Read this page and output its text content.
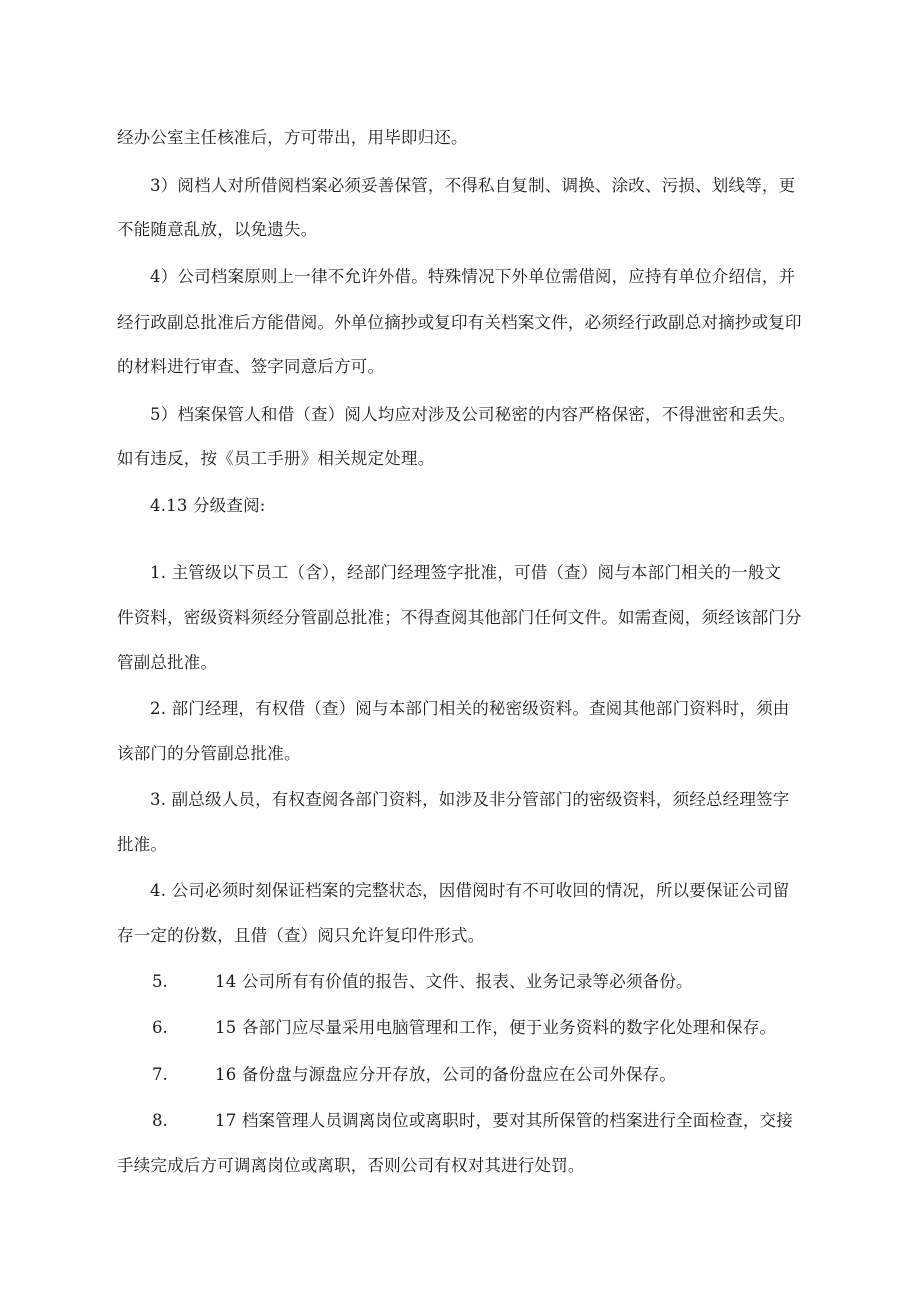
经办公室主任核准后，方可带出，用毕即归还。
3）阅档人对所借阅档案必须妥善保管，不得私自复制、调换、涂改、污损、划线等，更
不能随意乱放，以免遗失。
4）公司档案原则上一律不允许外借。特殊情况下外单位需借阅，应持有单位介绍信，并
经行政副总批准后方能借阅。外单位摘抄或复印有关档案文件，必须经行政副总对摘抄或复印
的材料进行审查、签字同意后方可。
5）档案保管人和借（查）阅人均应对涉及公司秘密的内容严格保密，不得泄密和丢失。
如有违反，按《员工手册》相关规定处理。
4.13 分级查阅:
1. 主管级以下员工（含），经部门经理签字批准，可借（查）阅与本部门相关的一般文
件资料，密级资料须经分管副总批准；不得查阅其他部门任何文件。如需查阅，须经该部门分
管副总批准。
2. 部门经理，有权借（查）阅与本部门相关的秘密级资料。查阅其他部门资料时，须由
该部门的分管副总批准。
3. 副总级人员，有权查阅各部门资料，如涉及非分管部门的密级资料，须经总经理签字
批准。
4. 公司必须时刻保证档案的完整状态，因借阅时有不可收回的情况，所以要保证公司留
存一定的份数，且借（查）阅只允许复印件形式。
5.	14 公司所有有价值的报告、文件、报表、业务记录等必须备份。
6.	15 各部门应尽量采用电脑管理和工作，便于业务资料的数字化处理和保存。
7.	16 备份盘与源盘应分开存放，公司的备份盘应在公司外保存。
8.	17 档案管理人员调离岗位或离职时，要对其所保管的档案进行全面检查，交接
手续完成后方可调离岗位或离职，否则公司有权对其进行处罚。
